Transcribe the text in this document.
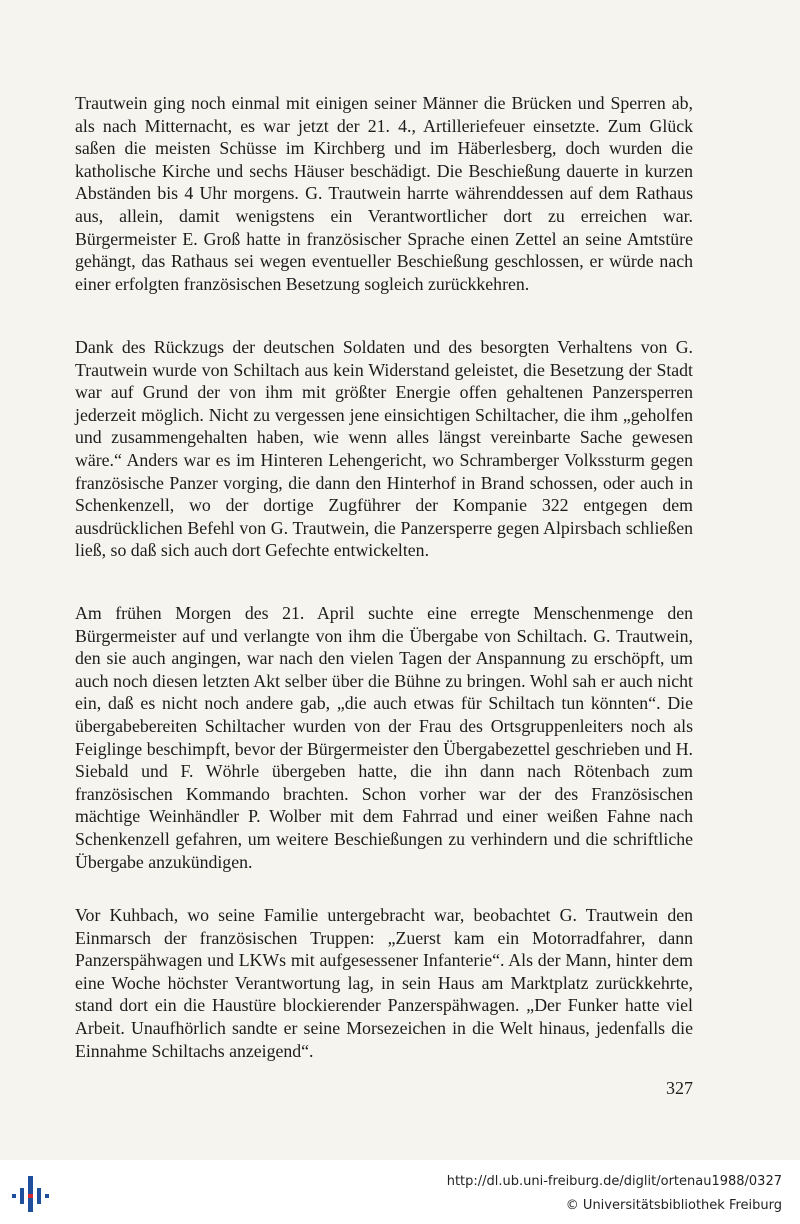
Trautwein ging noch einmal mit einigen seiner Männer die Brücken und Sperren ab, als nach Mitternacht, es war jetzt der 21. 4., Artilleriefeuer einsetzte. Zum Glück saßen die meisten Schüsse im Kirchberg und im Häberlesberg, doch wurden die katholische Kirche und sechs Häuser beschädigt. Die Beschießung dauerte in kurzen Abständen bis 4 Uhr morgens. G. Trautwein harrte währenddessen auf dem Rathaus aus, allein, damit wenigstens ein Verantwortlicher dort zu erreichen war. Bürgermeister E. Groß hatte in französischer Sprache einen Zettel an seine Amtstüre gehängt, das Rathaus sei wegen eventueller Beschießung geschlossen, er würde nach einer erfolgten französischen Besetzung sogleich zurückkehren.

Dank des Rückzugs der deutschen Soldaten und des besorgten Verhaltens von G. Trautwein wurde von Schiltach aus kein Widerstand geleistet, die Besetzung der Stadt war auf Grund der von ihm mit größter Energie offen gehaltenen Panzersperren jederzeit möglich. Nicht zu vergessen jene einsichtigen Schiltacher, die ihm „geholfen und zusammengehalten haben, wie wenn alles längst vereinbarte Sache gewesen wäre.“ Anders war es im Hinteren Lehengericht, wo Schramberger Volkssturm gegen französische Panzer vorging, die dann den Hinterhof in Brand schossen, oder auch in Schenkenzell, wo der dortige Zugführer der Kompanie 322 entgegen dem ausdrücklichen Befehl von G. Trautwein, die Panzersperre gegen Alpirsbach schließen ließ, so daß sich auch dort Gefechte entwickelten.

Am frühen Morgen des 21. April suchte eine erregte Menschenmenge den Bürgermeister auf und verlangte von ihm die Übergabe von Schiltach. G. Trautwein, den sie auch angingen, war nach den vielen Tagen der Anspannung zu erschöpft, um auch noch diesen letzten Akt selber über die Bühne zu bringen. Wohl sah er auch nicht ein, daß es nicht noch andere gab, „die auch etwas für Schiltach tun könnten“. Die übergabebereiten Schiltacher wurden von der Frau des Ortsgruppenleiters noch als Feiglinge beschimpft, bevor der Bürgermeister den Übergabezettel geschrieben und H. Siebald und F. Wöhrle übergeben hatte, die ihn dann nach Rötenbach zum französischen Kommando brachten. Schon vorher war der des Französischen mächtige Weinhändler P. Wolber mit dem Fahrrad und einer weißen Fahne nach Schenkenzell gefahren, um weitere Beschießungen zu verhindern und die schriftliche Übergabe anzukündigen.

Vor Kuhbach, wo seine Familie untergebracht war, beobachtet G. Trautwein den Einmarsch der französischen Truppen: „Zuerst kam ein Motorradfahrer, dann Panzerspähwagen und LKWs mit aufgesessener Infanterie“. Als der Mann, hinter dem eine Woche höchster Verantwortung lag, in sein Haus am Marktplatz zurückkehrte, stand dort ein die Haustüre blockierender Panzerspähwagen. „Der Funker hatte viel Arbeit. Unaufhörlich sandte er seine Morsezeichen in die Welt hinaus, jedenfalls die Einnahme Schiltachs anzeigend“.

327
http://dl.ub.uni-freiburg.de/diglit/ortenau1988/0327
© Universitätsbibliothek Freiburg
